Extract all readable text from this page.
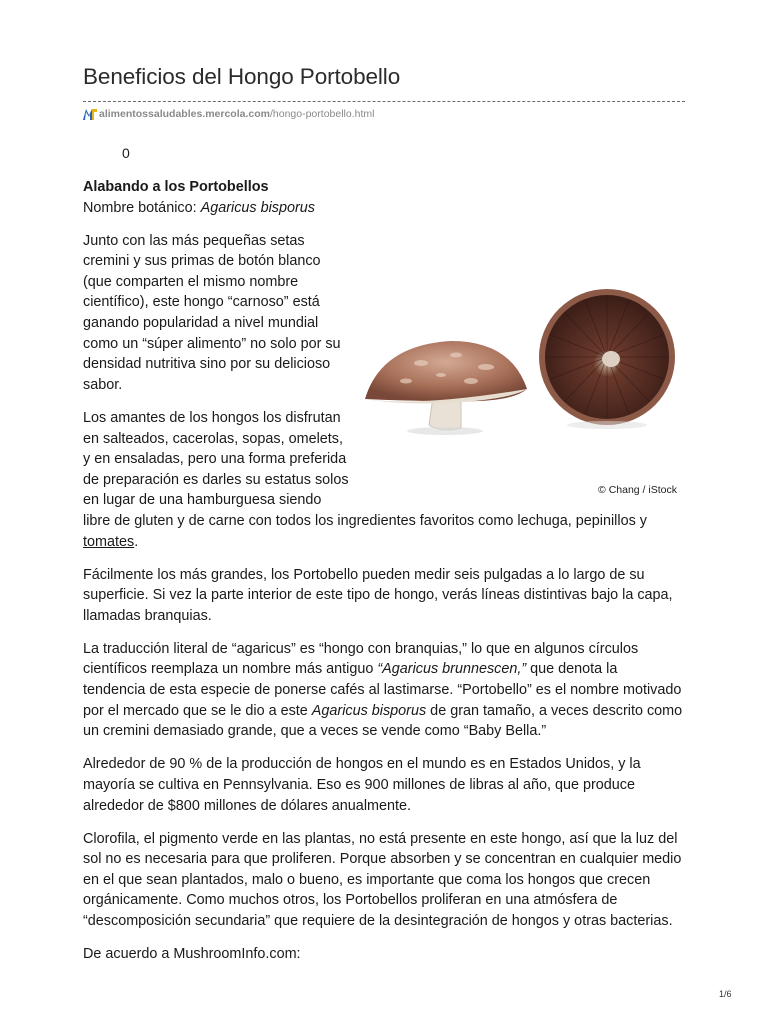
Beneficios del Hongo Portobello
alimentossaludables.mercola.com /hongo-portobello.html
0
© Chang / iStock

Alabando a los Portobellos
Nombre botánico: Agaricus bisporus

Junto con las más pequeñas setas cremini y sus primas de botón blanco (que comparten el mismo nombre científico), este hongo “carnoso” está ganando popularidad a nivel mundial como un “súper alimento” no solo por su densidad nutritiva sino por su delicioso sabor.

Los amantes de los hongos los disfrutan en salteados, cacerolas, sopas, omelets, y en ensaladas, pero una forma preferida de preparación es darles su estatus solos en lugar de una hamburguesa siendo libre de gluten y de carne con todos los ingredientes favoritos como lechuga, pepinillos y tomates.

Fácilmente los más grandes, los Portobello pueden medir seis pulgadas a lo largo de su superficie. Si vez la parte interior de este tipo de hongo, verás líneas distintivas bajo la capa, llamadas branquias.

La traducción literal de “agaricus” es “hongo con branquias,” lo que en algunos círculos científicos reemplaza un nombre más antiguo “Agaricus brunnescen,” que denota la tendencia de esta especie de ponerse cafés al lastimarse. “Portobello” es el nombre motivado por el mercado que se le dio a este Agaricus bisporus de gran tamaño, a veces descrito como un cremini demasiado grande, que a veces se vende como “Baby Bella.”

Alrededor de 90 % de la producción de hongos en el mundo es en Estados Unidos, y la mayoría se cultiva en Pennsylvania. Eso es 900 millones de libras al año, que produce alrededor de $800 millones de dólares anualmente.

Clorofila, el pigmento verde en las plantas, no está presente en este hongo, así que la luz del sol no es necesaria para que proliferen. Porque absorben y se concentran en cualquier medio en el que sean plantados, malo o bueno, es importante que coma los hongos que crecen orgánicamente. Como muchos otros, los Portobellos proliferan en una atmósfera de “descomposición secundaria” que requiere de la desintegración de hongos y otras bacterias.

De acuerdo a MushroomInfo.com:

1/6
